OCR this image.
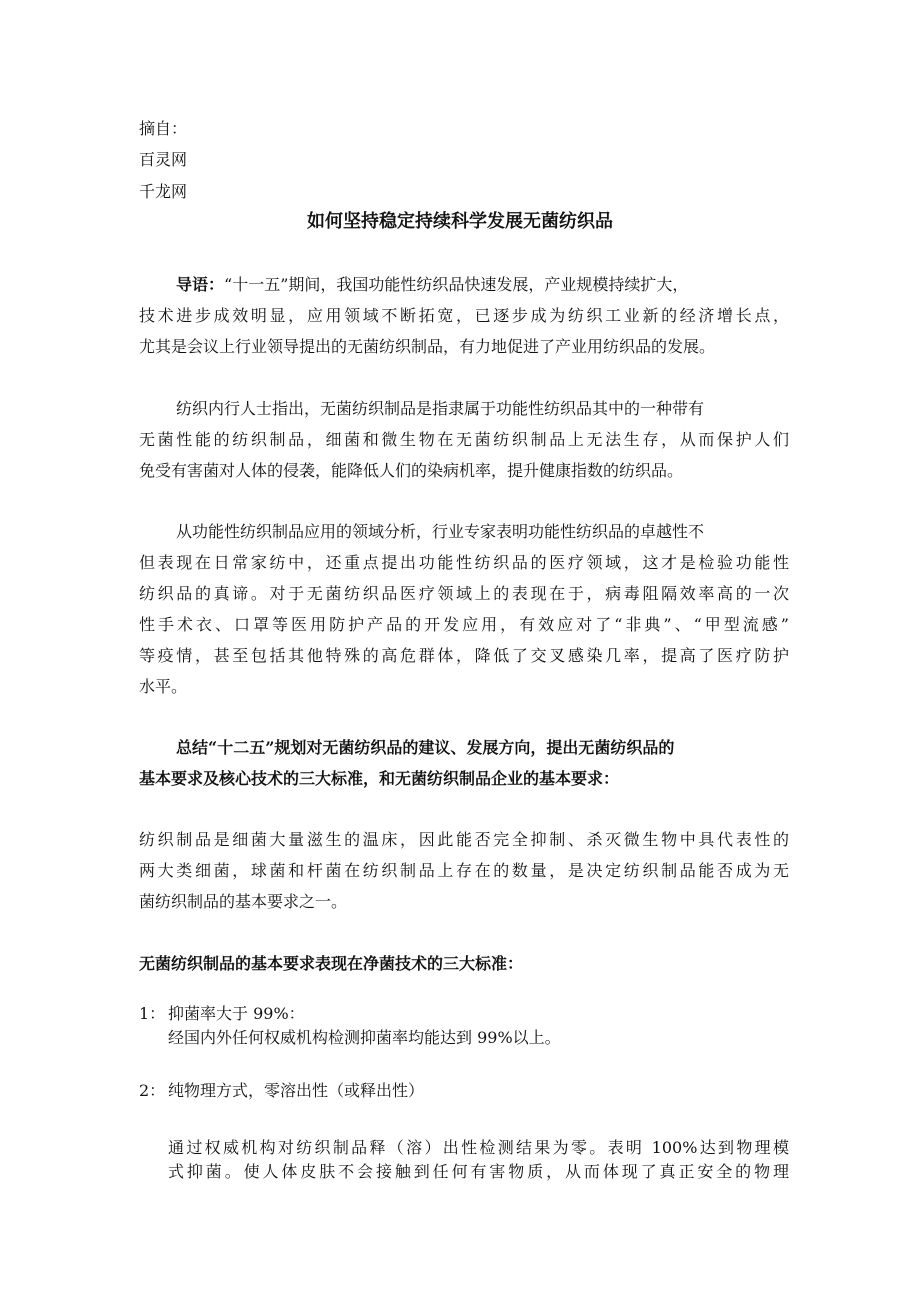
摘自：
百灵网
千龙网
如何坚持稳定持续科学发展无菌纺织品
导语：“十一五”期间，我国功能性纺织品快速发展，产业规模持续扩大，
技术进步成效明显，应用领域不断拓宽，已逐步成为纺织工业新的经济增长点，
尤其是会议上行业领导提出的无菌纺织制品，有力地促进了产业用纺织品的发展。
纺织内行人士指出，无菌纺织制品是指隶属于功能性纺织品其中的一种带有
无菌性能的纺织制品，细菌和微生物在无菌纺织制品上无法生存，从而保护人们
免受有害菌对人体的侵袭，能降低人们的染病机率，提升健康指数的纺织品。
从功能性纺织制品应用的领域分析，行业专家表明功能性纺织品的卓越性不
但表现在日常家纺中，还重点提出功能性纺织品的医疗领域，这才是检验功能性
纺织品的真谛。对于无菌纺织品医疗领域上的表现在于，病毒阻隔效率高的一次
性手术衣、口罩等医用防护产品的开发应用，有效应对了“非典”、“甲型流感”
等疫情，甚至包括其他特殊的高危群体，降低了交叉感染几率，提高了医疗防护
水平。
总结“十二五”规划对无菌纺织品的建议、发展方向，提出无菌纺织品的
基本要求及核心技术的三大标准，和无菌纺织制品企业的基本要求：
纺织制品是细菌大量滋生的温床，因此能否完全抑制、杀灭微生物中具代表性的
两大类细菌，球菌和杆菌在纺织制品上存在的数量，是决定纺织制品能否成为无
菌纺织制品的基本要求之一。
无菌纺织制品的基本要求表现在净菌技术的三大标准：
1： 抑菌率大于 99%：
经国内外任何权威机构检测抑菌率均能达到 99%以上。
2： 纯物理方式，零溶出性（或释出性）
通过权威机构对纺织制品释（溶）出性检测结果为零。表明 100%达到物理模
式抑菌。使人体皮肤不会接触到任何有害物质，从而体现了真正安全的物理
